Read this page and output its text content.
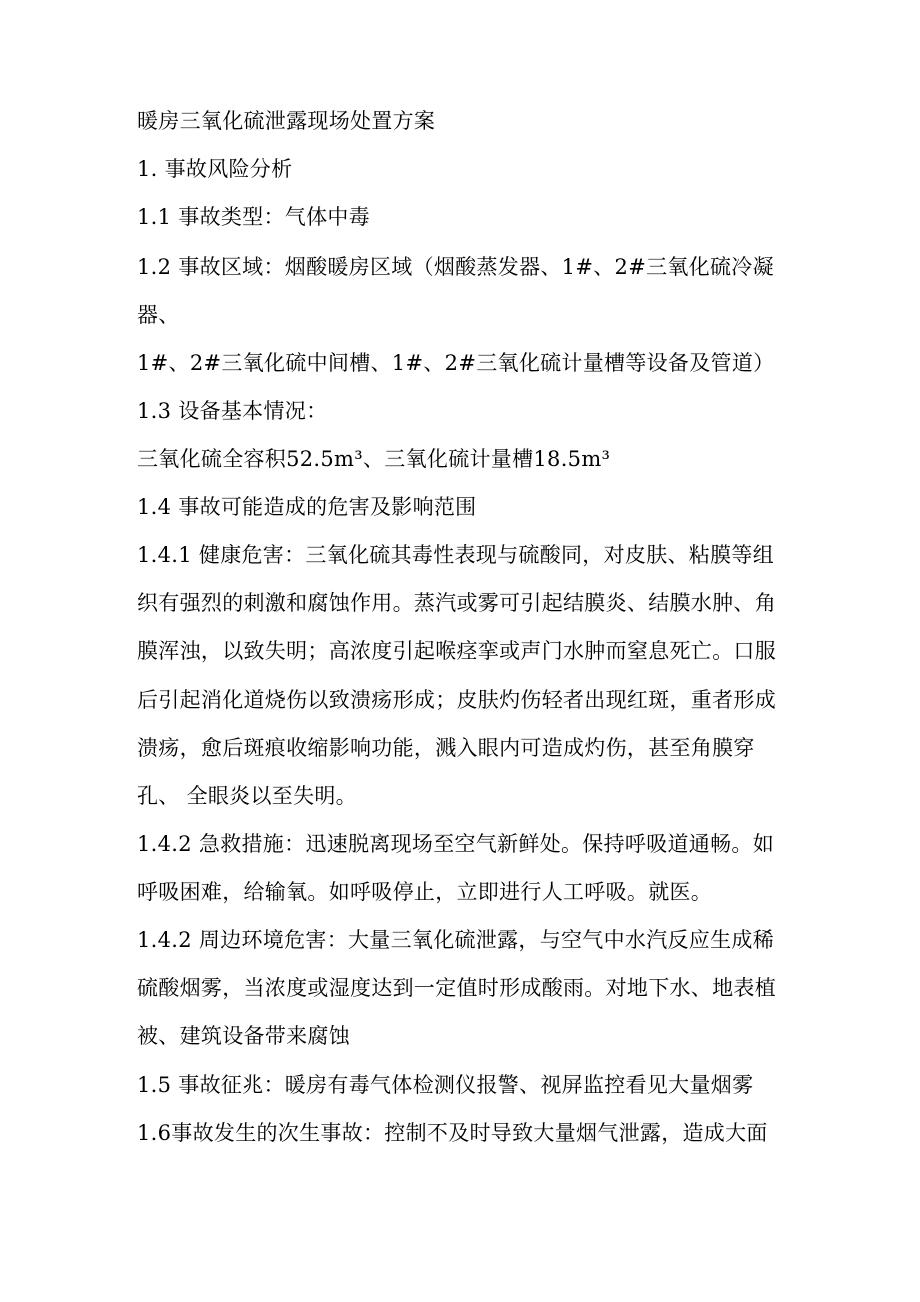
暖房三氧化硫泄露现场处置方案
1. 事故风险分析
1.1 事故类型：气体中毒
1.2 事故区域：烟酸暖房区域（烟酸蒸发器、1#、2#三氧化硫冷凝
器、
1#、2#三氧化硫中间槽、1#、2#三氧化硫计量槽等设备及管道）
1.3 设备基本情况：
三氧化硫全容积52.5m³、三氧化硫计量槽18.5m³
1.4 事故可能造成的危害及影响范围
1.4.1 健康危害：三氧化硫其毒性表现与硫酸同，对皮肤、粘膜等组
织有强烈的刺激和腐蚀作用。蒸汽或雾可引起结膜炎、结膜水肿、角
膜浑浊，以致失明；高浓度引起喉痉挛或声门水肿而窒息死亡。口服
后引起消化道烧伤以致溃疡形成；皮肤灼伤轻者出现红斑，重者形成
溃疡，愈后斑痕收缩影响功能，溅入眼内可造成灼伤，甚至角膜穿
孔、 全眼炎以至失明。
1.4.2 急救措施：迅速脱离现场至空气新鲜处。保持呼吸道通畅。如
呼吸困难，给输氧。如呼吸停止，立即进行人工呼吸。就医。
1.4.2 周边环境危害：大量三氧化硫泄露，与空气中水汽反应生成稀
硫酸烟雾，当浓度或湿度达到一定值时形成酸雨。对地下水、地表植
被、建筑设备带来腐蚀
1.5 事故征兆：暖房有毒气体检测仪报警、视屏监控看见大量烟雾
1.6事故发生的次生事故：控制不及时导致大量烟气泄露，造成大面
